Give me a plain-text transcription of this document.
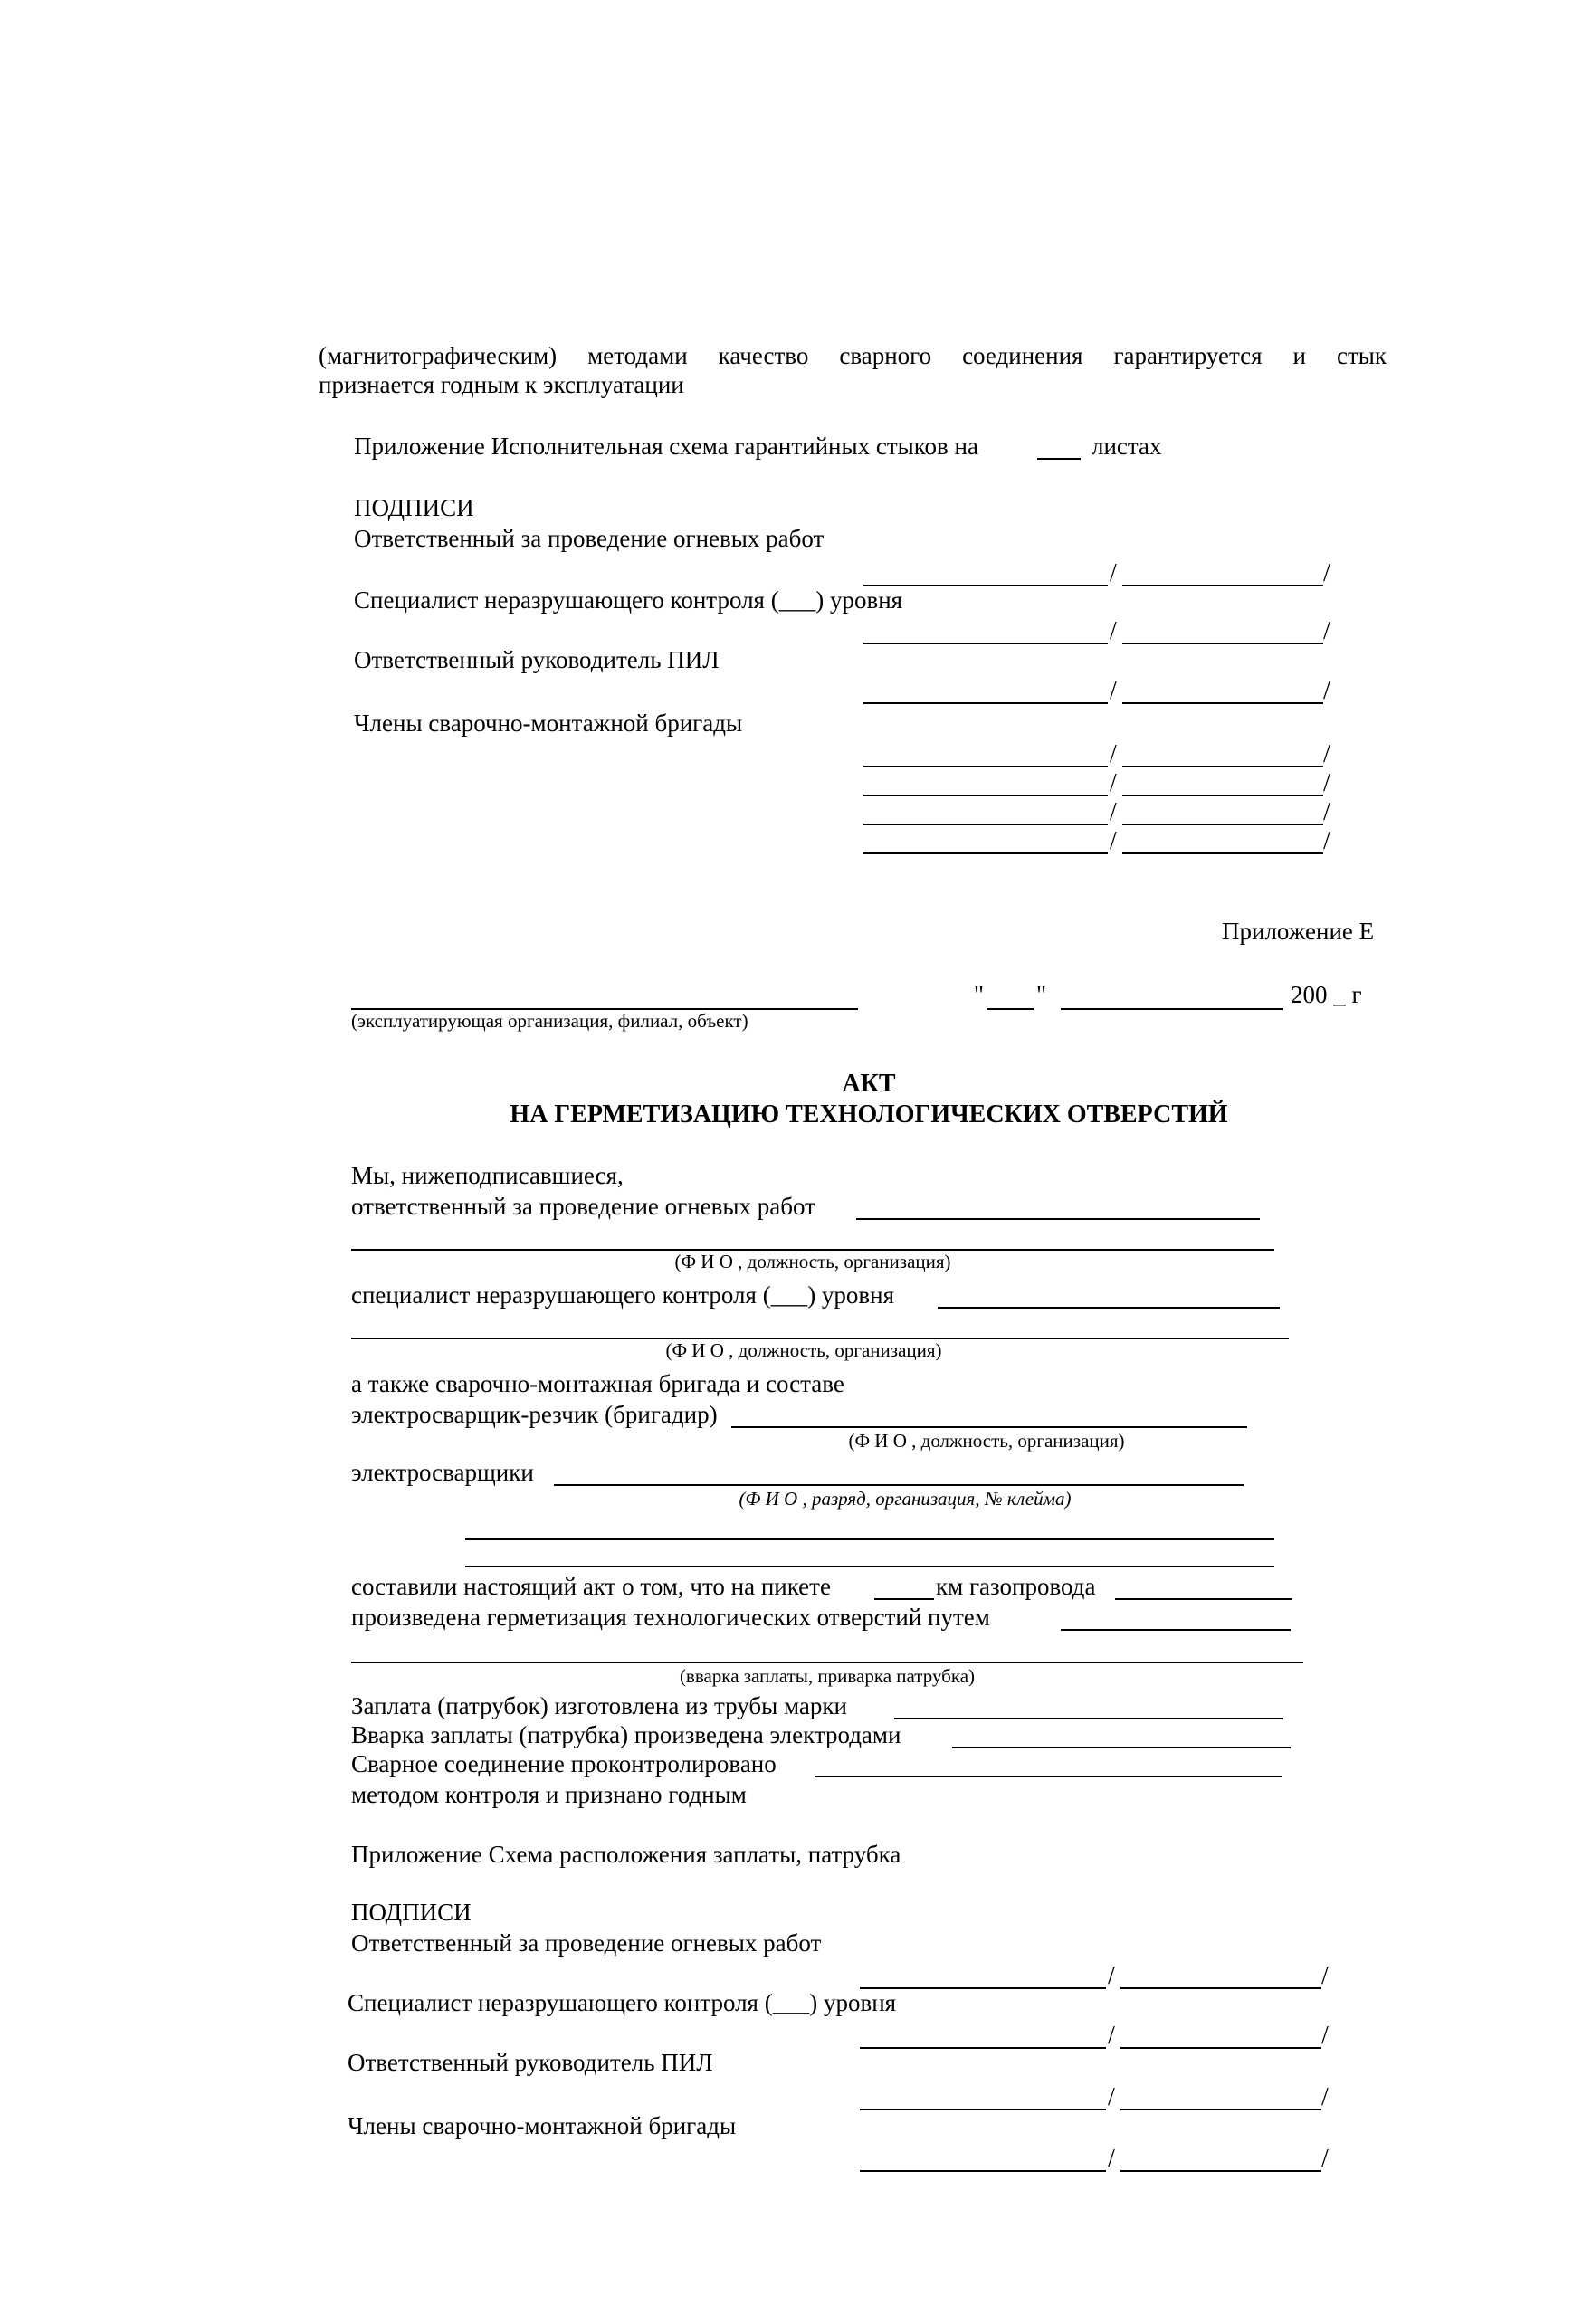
(магнитографическим) методами качество сварного соединения гарантируется и стык
признается годным к эксплуатации
Приложение Исполнительная схема гарантийных стыков на	листах
ПОДПИСИ
Ответственный за проведение огневых работ
/	/
Специалист неразрушающего контроля (___) уровня
/	/
Ответственный руководитель ПИЛ
/	/
Члены сварочно-монтажной бригады
/	/
/	/
/	/
/	/
Приложение Е
(эксплуатирующая организация, филиал, объект)
" "	200 _ г
АКТ
НА ГЕРМЕТИЗАЦИЮ ТЕХНОЛОГИЧЕСКИХ ОТВЕРСТИЙ
Мы, нижеподписавшиеся,
ответственный за проведение огневых работ
(Ф И О , должность, организация)
специалист неразрушающего контроля (___) уровня
(Ф И О , должность, организация)
а также сварочно-монтажная бригада и составе
электросварщик-резчик (бригадир)
(Ф И О , должность, организация)
электросварщики
(Ф И О , разряд, организация, № клейма)
составили настоящий акт о том, что на пикете	км газопровода
произведена герметизация технологических отверстий путем
(вварка заплаты, приварка патрубка)
Заплата (патрубок) изготовлена из трубы марки
Вварка заплаты (патрубка) произведена электродами
Сварное соединение проконтролировано
методом контроля и признано годным
Приложение Схема расположения заплаты, патрубка
ПОДПИСИ
Ответственный за проведение огневых работ
/	/
Специалист неразрушающего контроля (___) уровня
/	/
Ответственный руководитель ПИЛ
/	/
Члены сварочно-монтажной бригады
/	/
